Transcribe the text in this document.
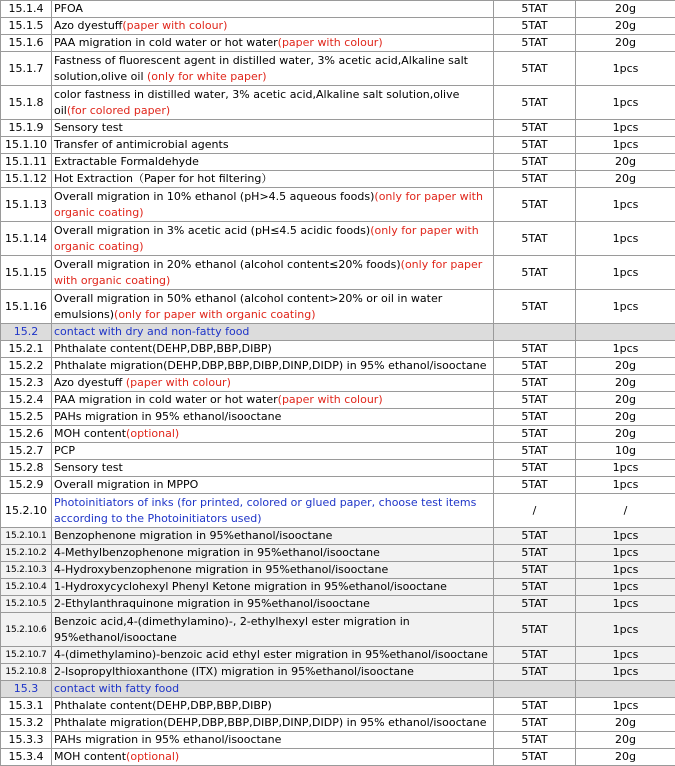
15.1.4	PFOA	5TAT	20g
15.1.5	Azo dyestuff(paper with colour)	5TAT	20g
15.1.6	PAA migration in cold water or hot water(paper with colour)	5TAT	20g
15.1.7	Fastness of fluorescent agent in distilled water, 3% acetic acid,Alkaline salt solution,olive oil (only for white paper)	5TAT	1pcs
15.1.8	color fastness in distilled water, 3% acetic acid,Alkaline salt solution,olive oil(for colored paper)	5TAT	1pcs
15.1.9	Sensory test	5TAT	1pcs
15.1.10	Transfer of antimicrobial agents	5TAT	1pcs
15.1.11	Extractable Formaldehyde	5TAT	20g
15.1.12	Hot Extraction（Paper for hot filtering）	5TAT	20g
15.1.13	Overall migration in 10% ethanol (pH>4.5 aqueous foods)(only for paper with organic coating)	5TAT	1pcs
15.1.14	Overall migration in 3% acetic acid (pH≤4.5 acidic foods)(only for paper with organic coating)	5TAT	1pcs
15.1.15	Overall migration in 20% ethanol (alcohol content≤20% foods)(only for paper with organic coating)	5TAT	1pcs
15.1.16	Overall migration in 50% ethanol (alcohol content>20% or oil in water emulsions)(only for paper with organic coating)	5TAT	1pcs
15.2	contact with dry and non-fatty food		
15.2.1	Phthalate content(DEHP,DBP,BBP,DIBP)	5TAT	1pcs
15.2.2	Phthalate migration(DEHP,DBP,BBP,DIBP,DINP,DIDP) in 95% ethanol/isooctane	5TAT	20g
15.2.3	Azo dyestuff (paper with colour)	5TAT	20g
15.2.4	PAA migration in cold water or hot water(paper with colour)	5TAT	20g
15.2.5	PAHs migration in 95% ethanol/isooctane	5TAT	20g
15.2.6	MOH content(optional)	5TAT	20g
15.2.7	PCP	5TAT	10g
15.2.8	Sensory test	5TAT	1pcs
15.2.9	Overall migration in MPPO	5TAT	1pcs
15.2.10	Photoinitiators of inks (for printed, colored or glued paper, choose test items according to the Photoinitiators used)	/	/
15.2.10.1	Benzophenone migration in 95%ethanol/isooctane	5TAT	1pcs
15.2.10.2	4-Methylbenzophenone migration in 95%ethanol/isooctane	5TAT	1pcs
15.2.10.3	4-Hydroxybenzophenone migration in 95%ethanol/isooctane	5TAT	1pcs
15.2.10.4	1-Hydroxycyclohexyl Phenyl Ketone migration in 95%ethanol/isooctane	5TAT	1pcs
15.2.10.5	2-Ethylanthraquinone migration in 95%ethanol/isooctane	5TAT	1pcs
15.2.10.6	Benzoic acid,4-(dimethylamino)-, 2-ethylhexyl ester migration in 95%ethanol/isooctane	5TAT	1pcs
15.2.10.7	4-(dimethylamino)-benzoic acid ethyl ester migration in 95%ethanol/isooctane	5TAT	1pcs
15.2.10.8	2-Isopropylthioxanthone (ITX) migration in 95%ethanol/isooctane	5TAT	1pcs
15.3	contact with fatty food		
15.3.1	Phthalate content(DEHP,DBP,BBP,DIBP)	5TAT	1pcs
15.3.2	Phthalate migration(DEHP,DBP,BBP,DIBP,DINP,DIDP) in 95% ethanol/isooctane	5TAT	20g
15.3.3	PAHs migration in 95% ethanol/isooctane	5TAT	20g
15.3.4	MOH content(optional)	5TAT	20g
